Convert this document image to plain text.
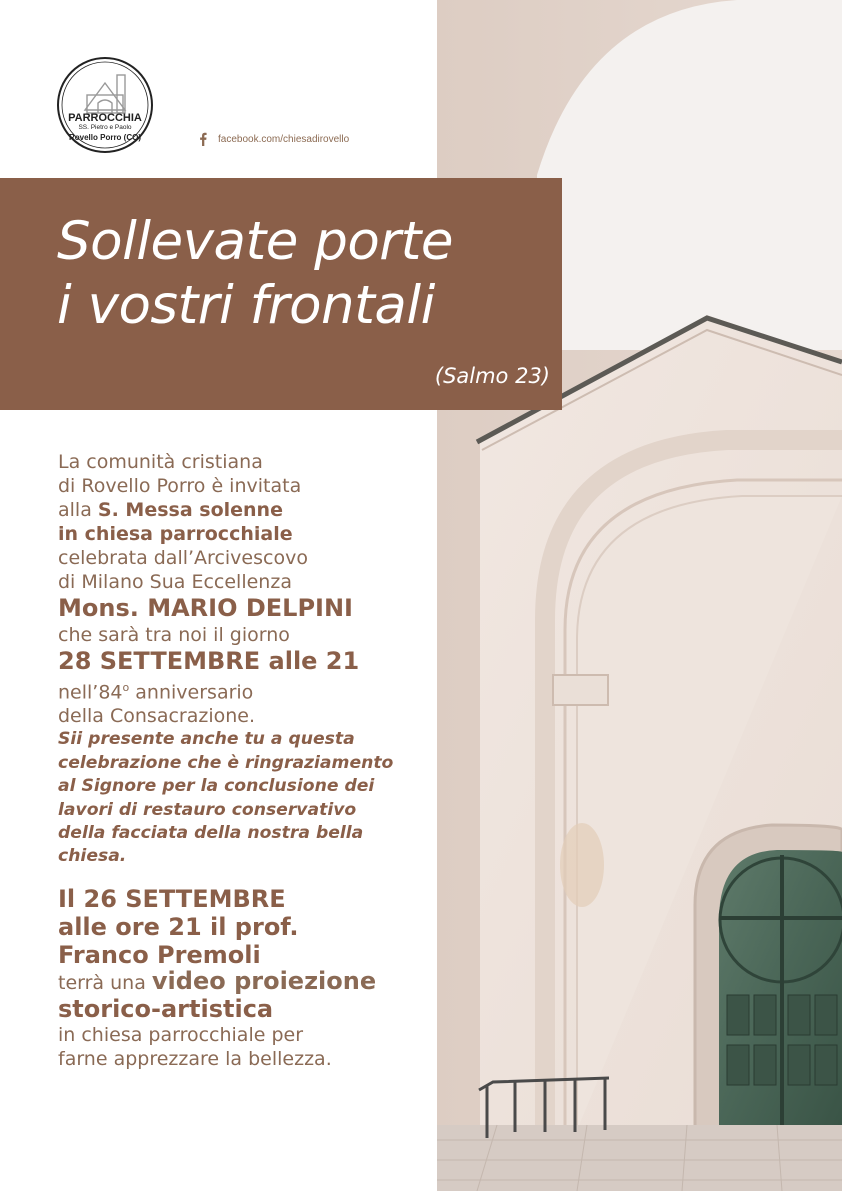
PARROCCHIA
SS. Pietro e Paolo
Rovello Porro (CO)	facebook.com/chiesadirovello
Sollevate porte
i vostri frontali
(Salmo 23)
La comunità cristiana
di Rovello Porro è invitata
alla S. Messa solenne
in chiesa parrocchiale
celebrata dall’Arcivescovo
di Milano Sua Eccellenza
Mons. MARIO DELPINI
che sarà tra noi il giorno
28 SETTEMBRE alle 21
nell’84$^o$ anniversario
della Consacrazione.
Sii presente anche tu a questa
celebrazione che è ringraziamento
al Signore per la conclusione dei
lavori di restauro conservativo
della facciata della nostra bella
chiesa.
Il 26 SETTEMBRE
alle ore 21 il prof.
Franco Premoli
terrà una video proiezione
storico-artistica
in chiesa parrocchiale per
farne apprezzare la bellezza.
